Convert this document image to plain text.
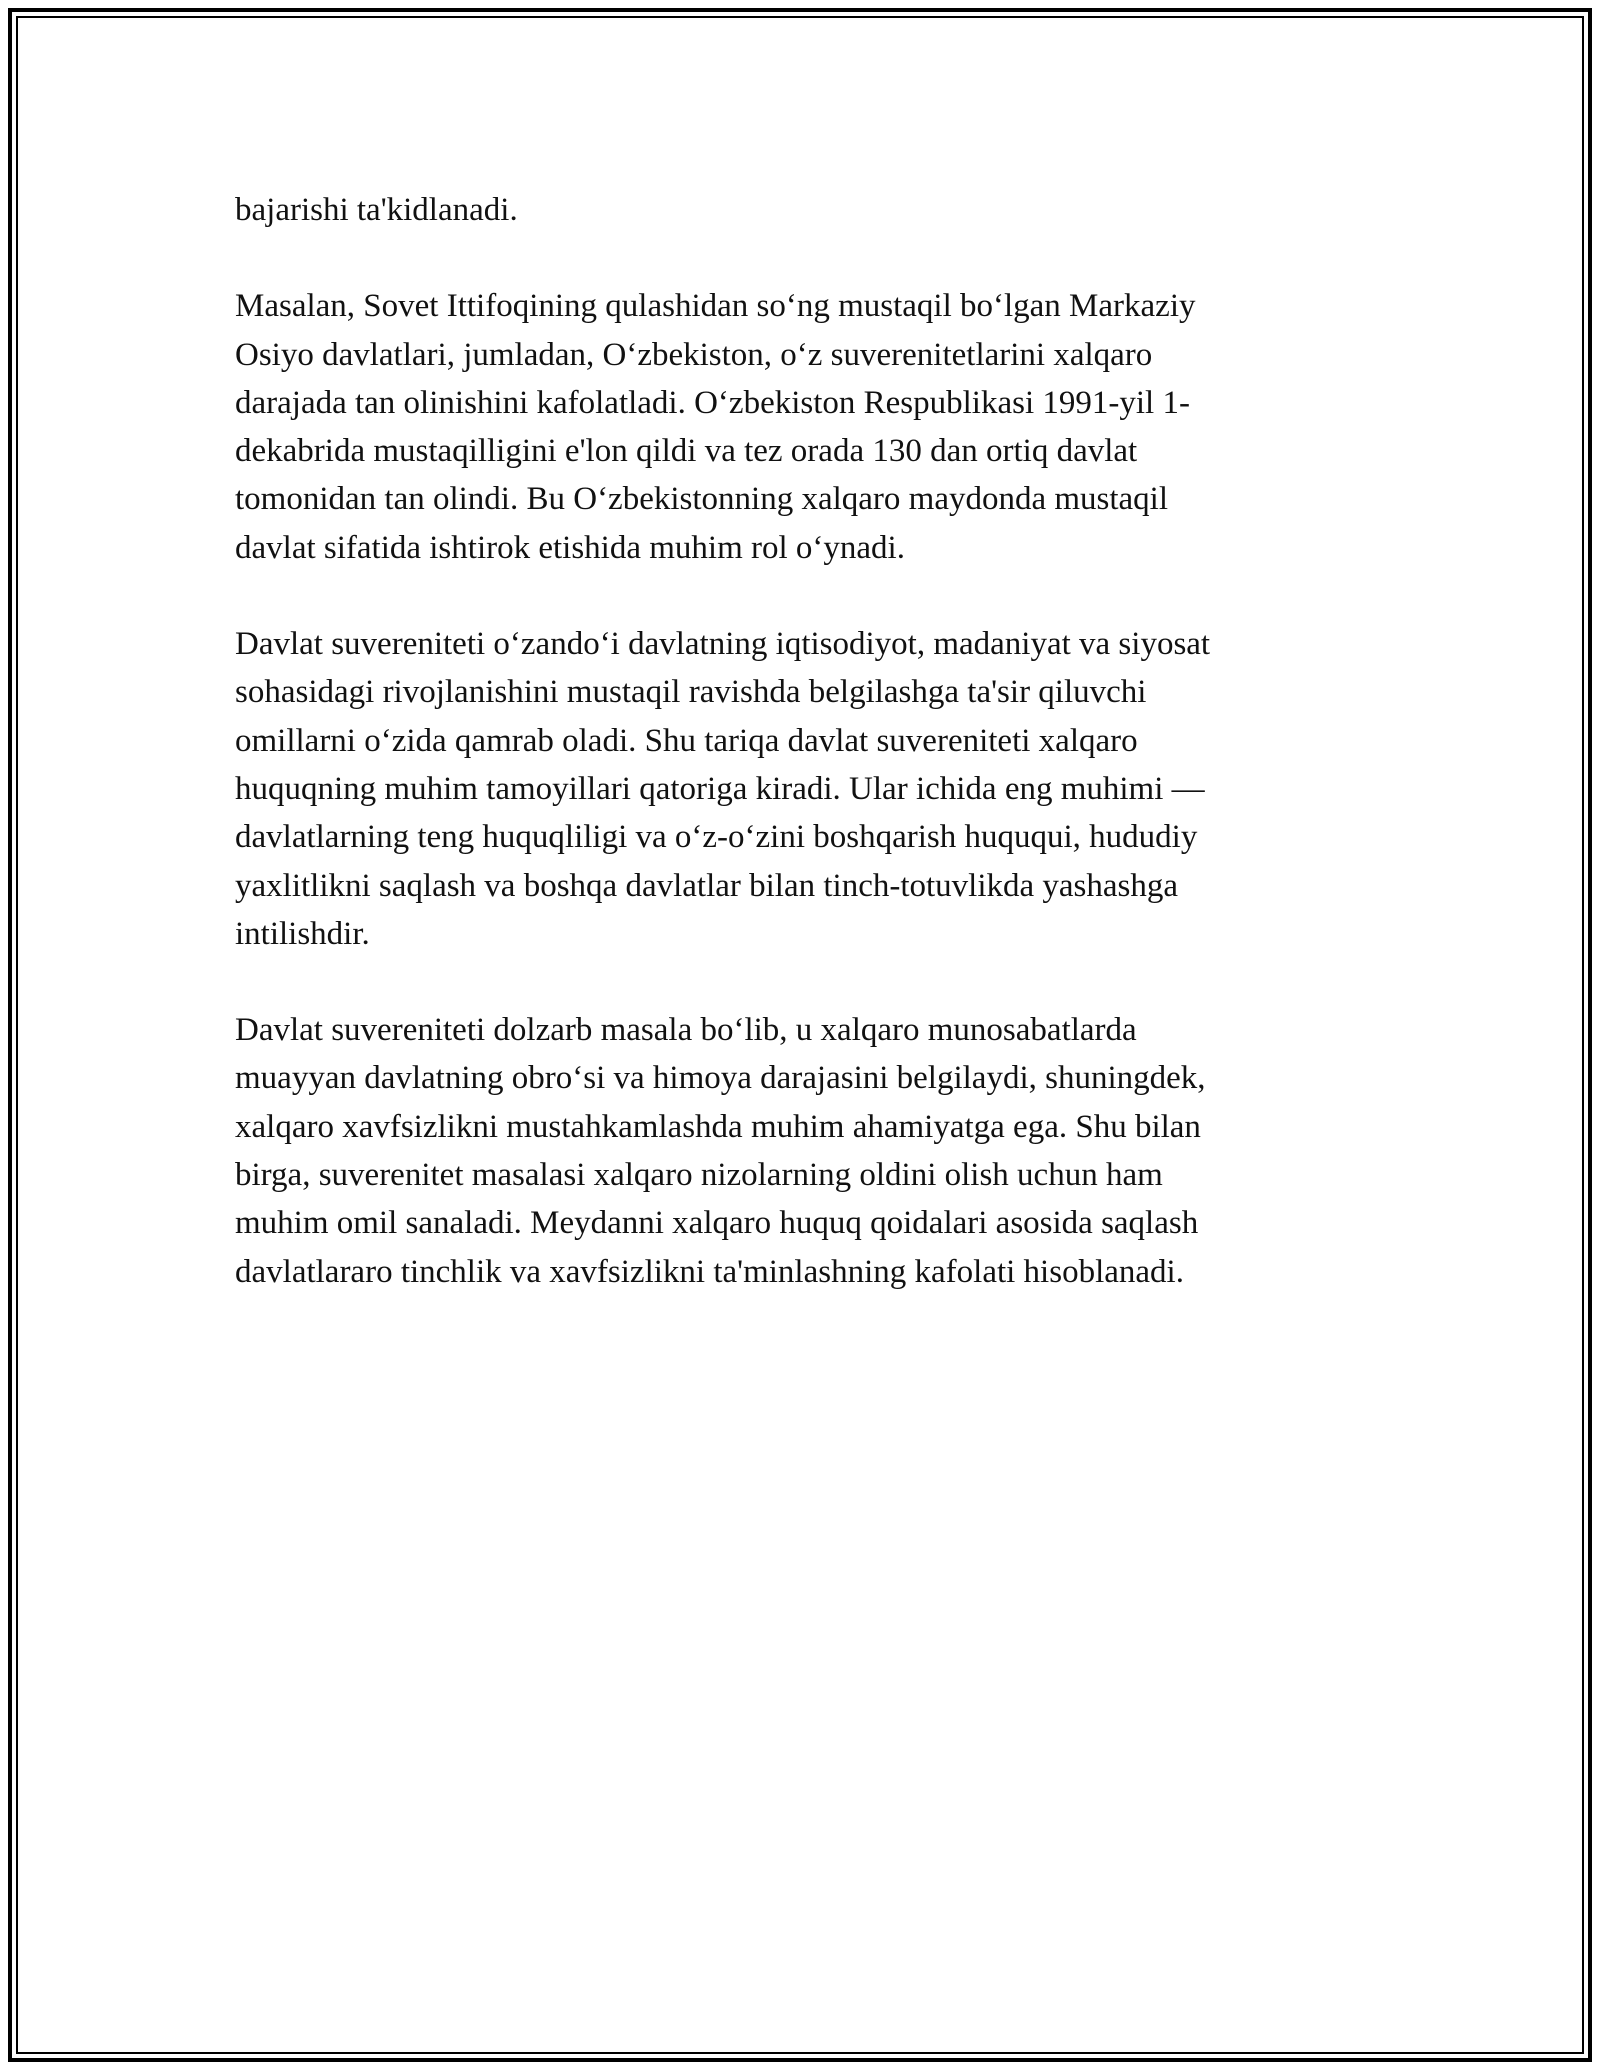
bajarishi ta'kidlanadi.

Masalan, Sovet Ittifoqining qulashidan so‘ng mustaqil bo‘lgan Markaziy
Osiyo davlatlari, jumladan, O‘zbekiston, o‘z suverenitetlarini xalqaro
darajada tan olinishini kafolatladi. O‘zbekiston Respublikasi 1991-yil 1-
dekabrida mustaqilligini e'lon qildi va tez orada 130 dan ortiq davlat
tomonidan tan olindi. Bu O‘zbekistonning xalqaro maydonda mustaqil
davlat sifatida ishtirok etishida muhim rol o‘ynadi.

Davlat suvereniteti o‘zando‘i davlatning iqtisodiyot, madaniyat va siyosat
sohasidagi rivojlanishini mustaqil ravishda belgilashga ta'sir qiluvchi
omillarni o‘zida qamrab oladi. Shu tariqa davlat suvereniteti xalqaro
huquqning muhim tamoyillari qatoriga kiradi. Ular ichida eng muhimi —
davlatlarning teng huquqliligi va o‘z-o‘zini boshqarish huququi, hududiy
yaxlitlikni saqlash va boshqa davlatlar bilan tinch-totuvlikda yashashga
intilishdir.

Davlat suvereniteti dolzarb masala bo‘lib, u xalqaro munosabatlarda
muayyan davlatning obro‘si va himoya darajasini belgilaydi, shuningdek,
xalqaro xavfsizlikni mustahkamlashda muhim ahamiyatga ega. Shu bilan
birga, suverenitet masalasi xalqaro nizolarning oldini olish uchun ham
muhim omil sanaladi. Meydanni xalqaro huquq qoidalari asosida saqlash
davlatlararo tinchlik va xavfsizlikni ta'minlashning kafolati hisoblanadi.
